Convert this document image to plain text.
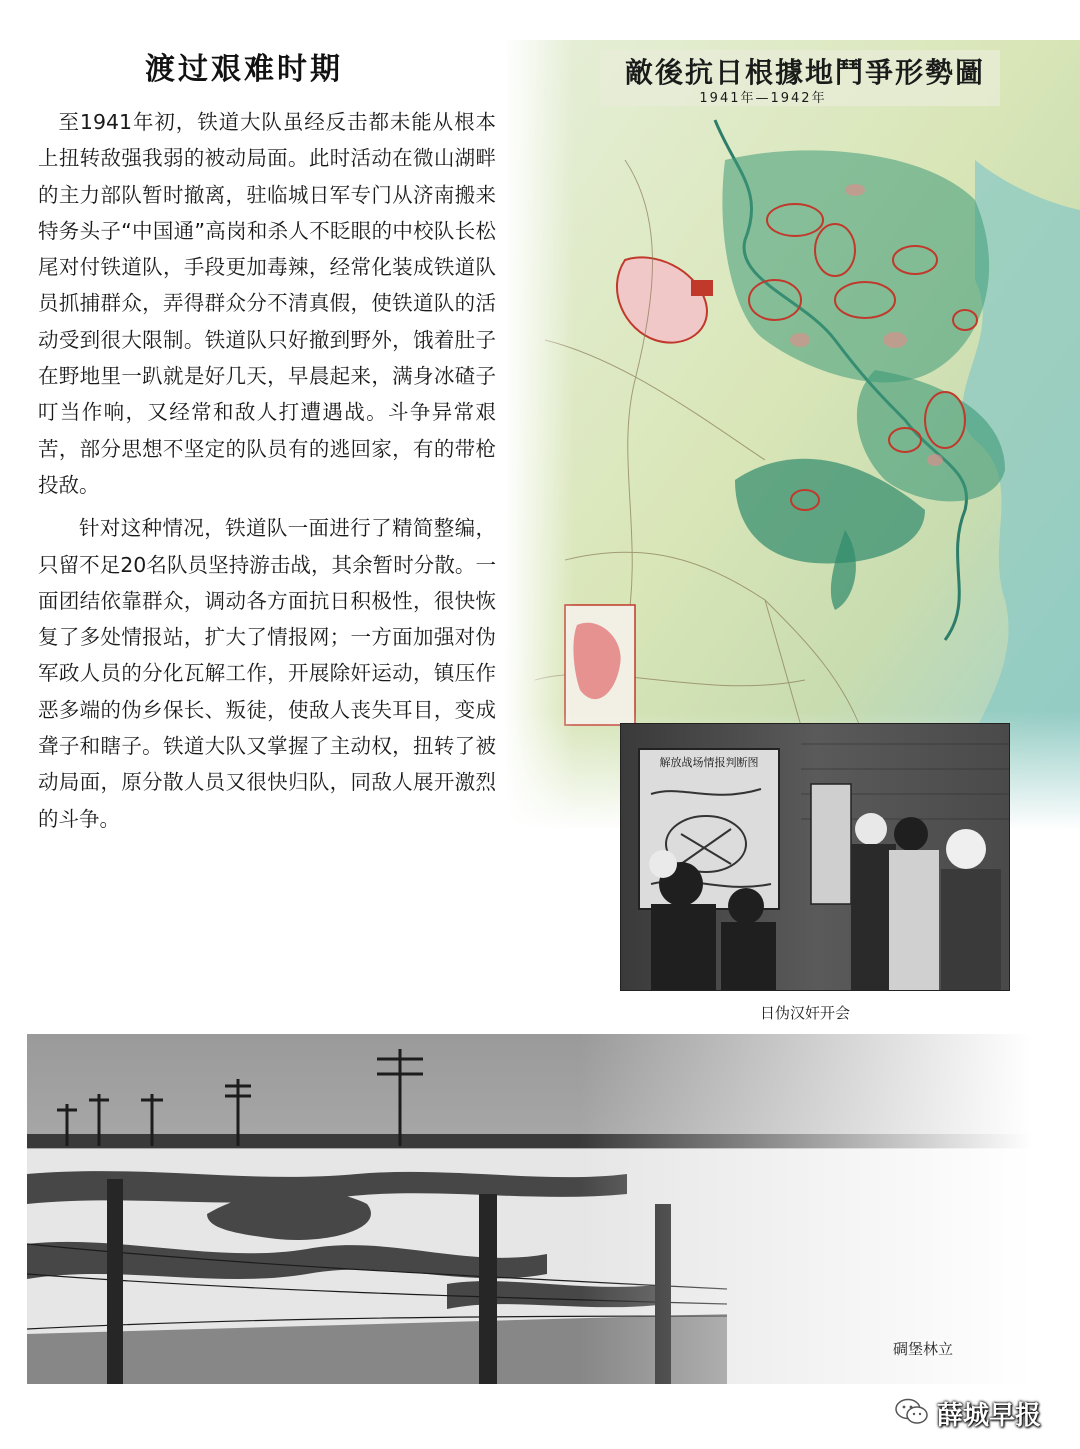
渡过艰难时期

至1941年初，铁道大队虽经反击都未能从根本上扭转敌强我弱的被动局面。此时活动在微山湖畔的主力部队暂时撤离，驻临城日军专门从济南搬来特务头子“中国通”高岗和杀人不眨眼的中校队长松尾对付铁道队，手段更加毒辣，经常化装成铁道队员抓捕群众，弄得群众分不清真假，使铁道队的活动受到很大限制。铁道队只好撤到野外，饿着肚子在野地里一趴就是好几天，早晨起来，满身冰碴子叮当作响，又经常和敌人打遭遇战。斗争异常艰苦，部分思想不坚定的队员有的逃回家，有的带枪投敌。

针对这种情况，铁道队一面进行了精简整编，只留不足20名队员坚持游击战，其余暂时分散。一面团结依靠群众，调动各方面抗日积极性，很快恢复了多处情报站，扩大了情报网；一方面加强对伪军政人员的分化瓦解工作，开展除奸运动，镇压作恶多端的伪乡保长、叛徒，使敌人丧失耳目，变成聋子和瞎子。铁道大队又掌握了主动权，扭转了被动局面，原分散人员又很快归队，同敌人展开激烈的斗争。

解放战场情报判断图
日伪汉奸开会
碉堡林立
薛城早报
